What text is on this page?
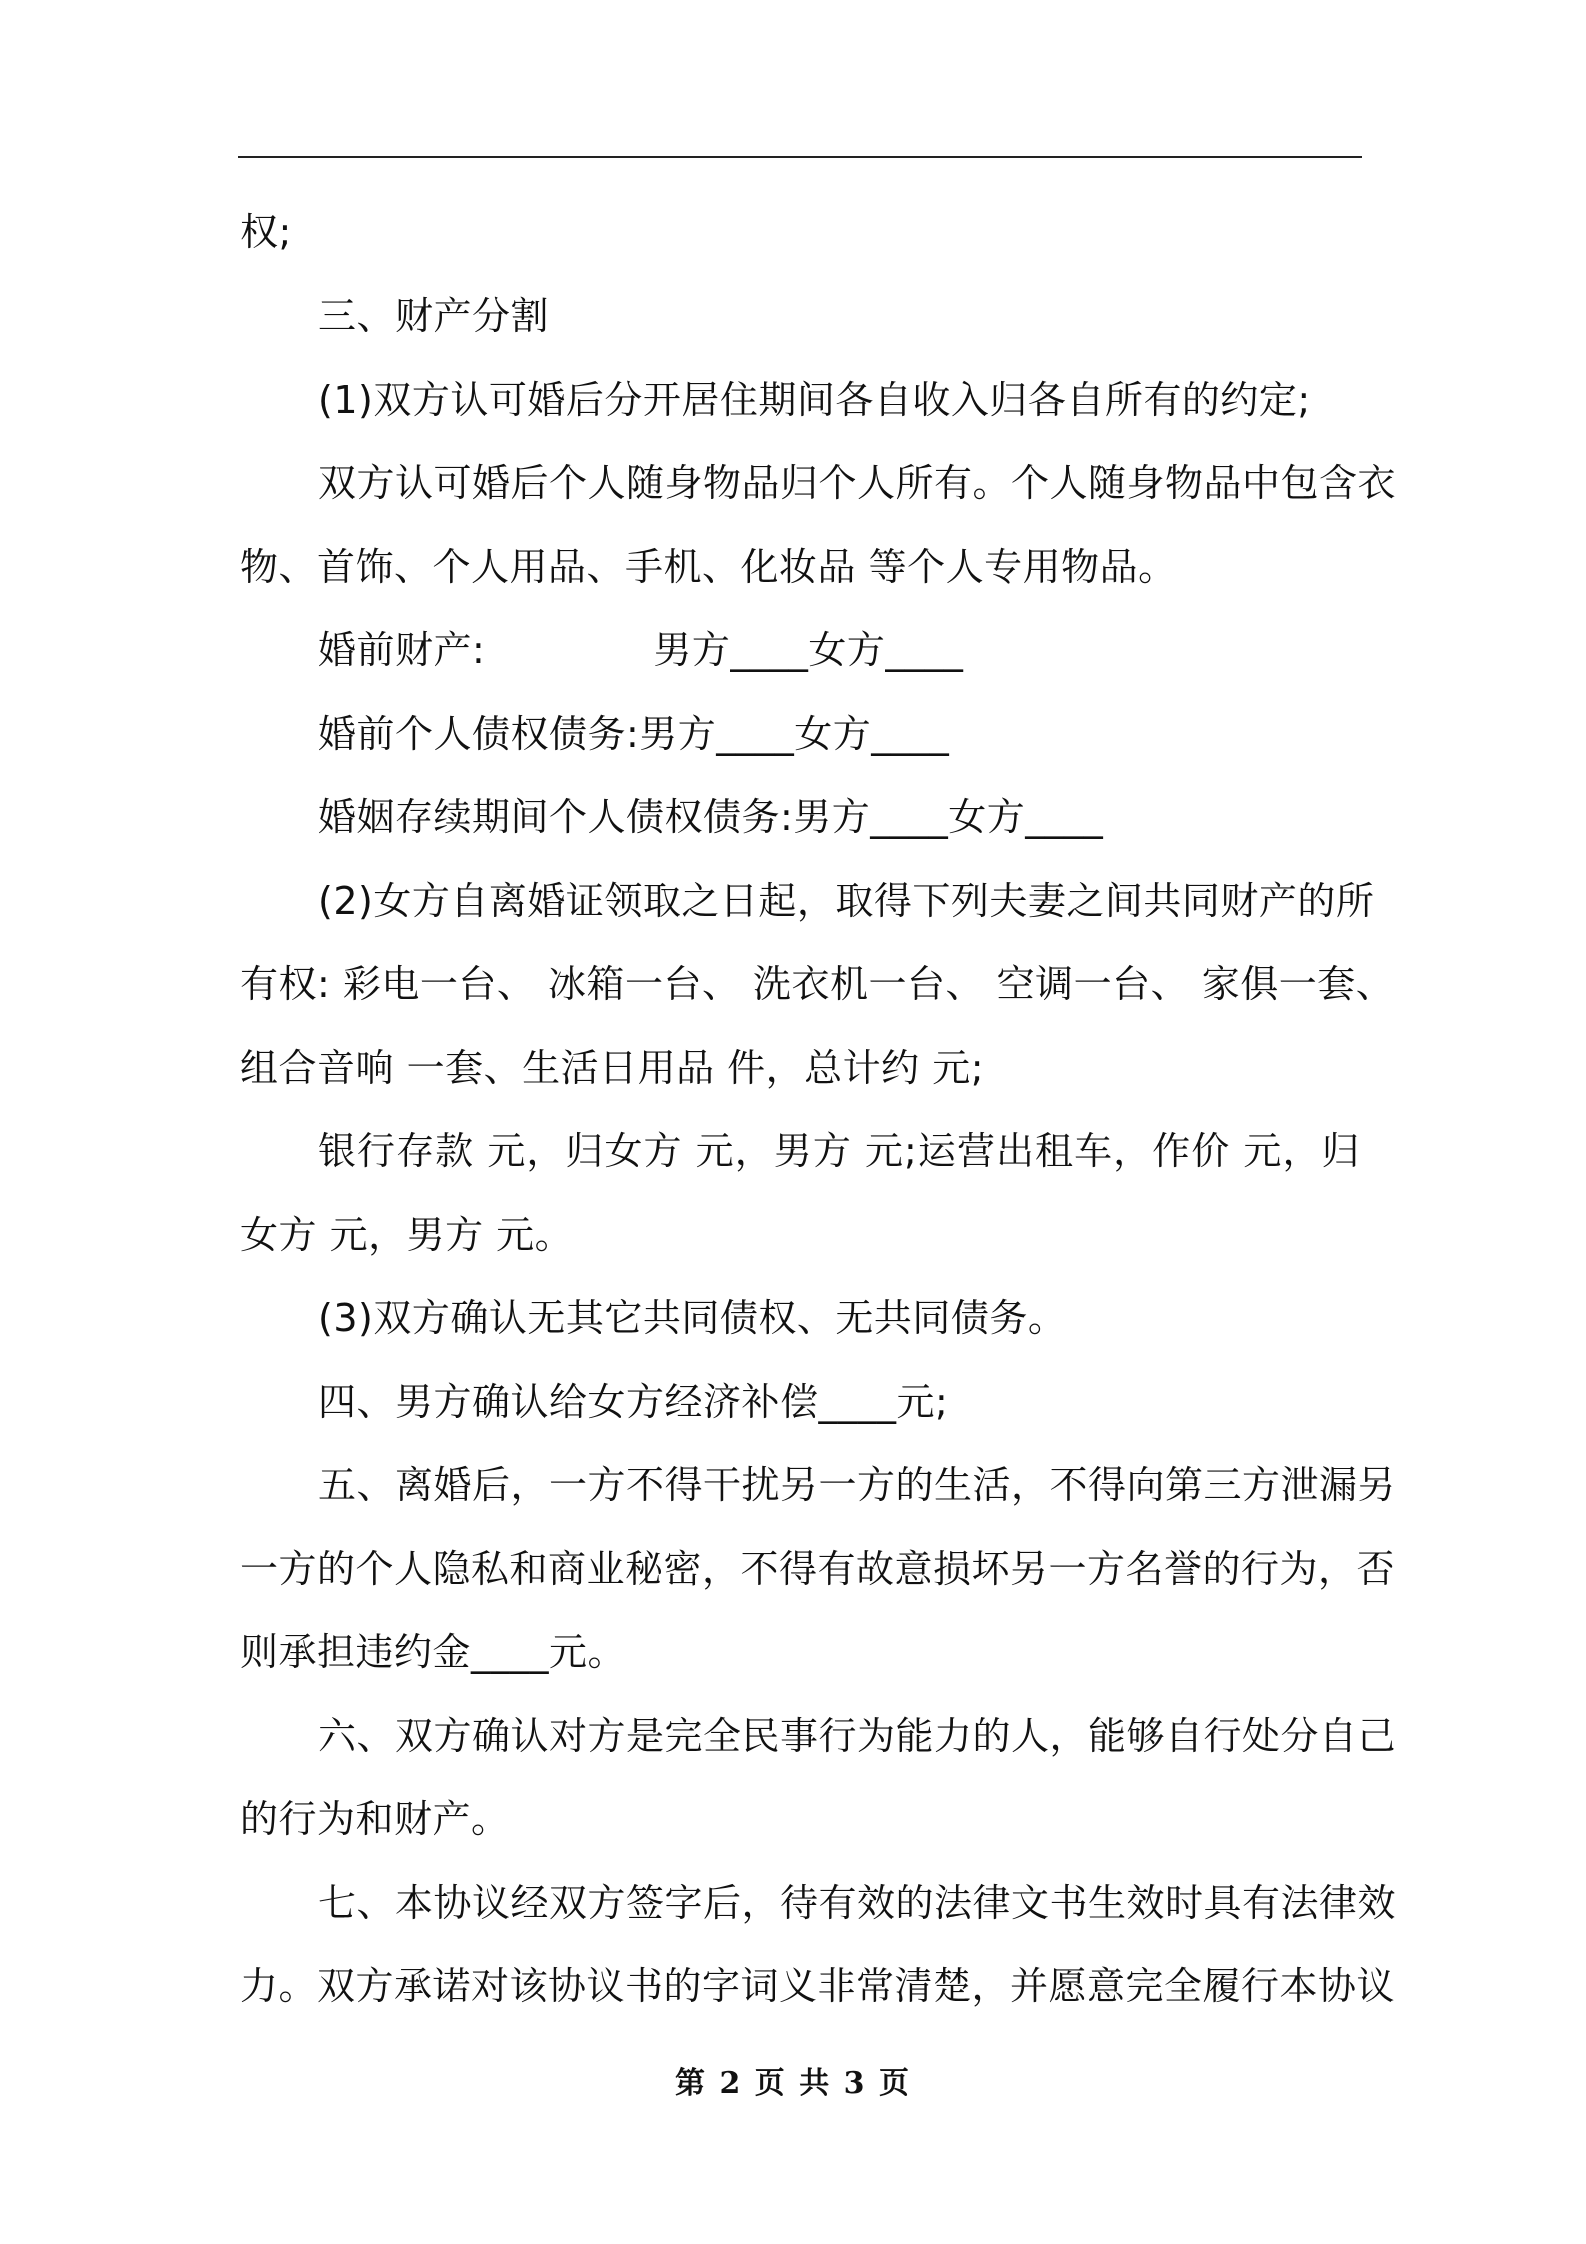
权;
三、财产分割
(1)双方认可婚后分开居住期间各自收入归各自所有的约定;
双方认可婚后个人随身物品归个人所有。个人随身物品中包含衣
物、首饰、个人用品、手机、化妆品 等个人专用物品。
婚前财产:	男方____女方____
婚前个人债权债务:男方____女方____
婚姻存续期间个人债权债务:男方____女方____
(2)女方自离婚证领取之日起，取得下列夫妻之间共同财产的所
有权: 彩电一台、 冰箱一台、 洗衣机一台、 空调一台、 家俱一套、
组合音响 一套、生活日用品 件，总计约 元;
银行存款 元，归女方 元，男方 元;运营出租车，作价 元，归
女方 元，男方 元。
(3)双方确认无其它共同债权、无共同债务。
四、男方确认给女方经济补偿____元;
五、离婚后，一方不得干扰另一方的生活，不得向第三方泄漏另
一方的个人隐私和商业秘密，不得有故意损坏另一方名誉的行为，否
则承担违约金____元。
六、双方确认对方是完全民事行为能力的人，能够自行处分自己
的行为和财产。
七、本协议经双方签字后，待有效的法律文书生效时具有法律效
力。双方承诺对该协议书的字词义非常清楚，并愿意完全履行本协议
第 2 页 共 3 页
